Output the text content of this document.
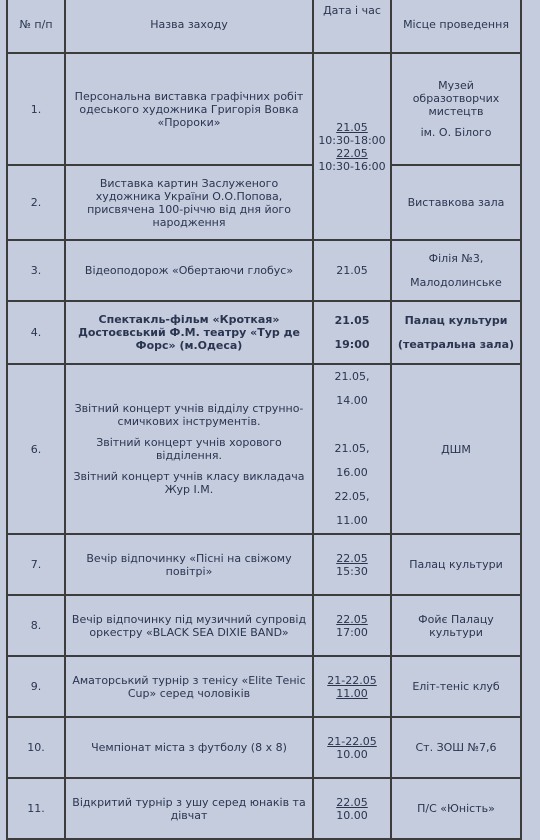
№ п/п	Назва заходу	Дата і час	Місце проведення
1.	Персональна виставка графічних робіт одеського художника Григорія Вовка «Пророки»	21.05
10:30-18:00
22.05
10:30-16:00	Музей образотворчих мистецтв
ім. О. Білого

2.	Виставка картин Заслуженого художника України О.О.Попова, присвячена 100-річчю від дня його народження		Виставкова зала
3.	Відеоподорож «Обертаючи глобус»	21.05	Філія №3,
Малодолинське

4.	Спектакль-фільм «Кроткая» Достоєвський Ф.М. театру «Тур де Форс» (м.Одеса)	21.05
19:00	Палац культури
(театральна зала)

6.	Звітний концерт учнів відділу струнно-смичкових інструментів.
Звітний концерт учнів хорового відділення.
Звітний концерт учнів класу викладача Жур І.М.	21.05, 14.00
21.05, 16.00
22.05, 11.00	ДШМ
7.	Вечір відпочинку «Пісні на свіжому повітрі»	22.05
15:30	Палац культури
8.	Вечір відпочинку під музичний супровід оркестру «BLACK SEA DIXIE BAND»	22.05
17:00	Фойє Палацу культури
9.	Аматорський турнір з тенісу «Elite Теніс Cup» серед чоловіків	21-22.05
11.00	Еліт-теніс клуб
10.	Чемпіонат міста з футболу (8 х 8)	21-22.05
10.00	Ст. ЗОШ №7,6
11.	Відкритий турнір з ушу серед юнаків та дівчат	22.05
10.00	П/С «Юність»
